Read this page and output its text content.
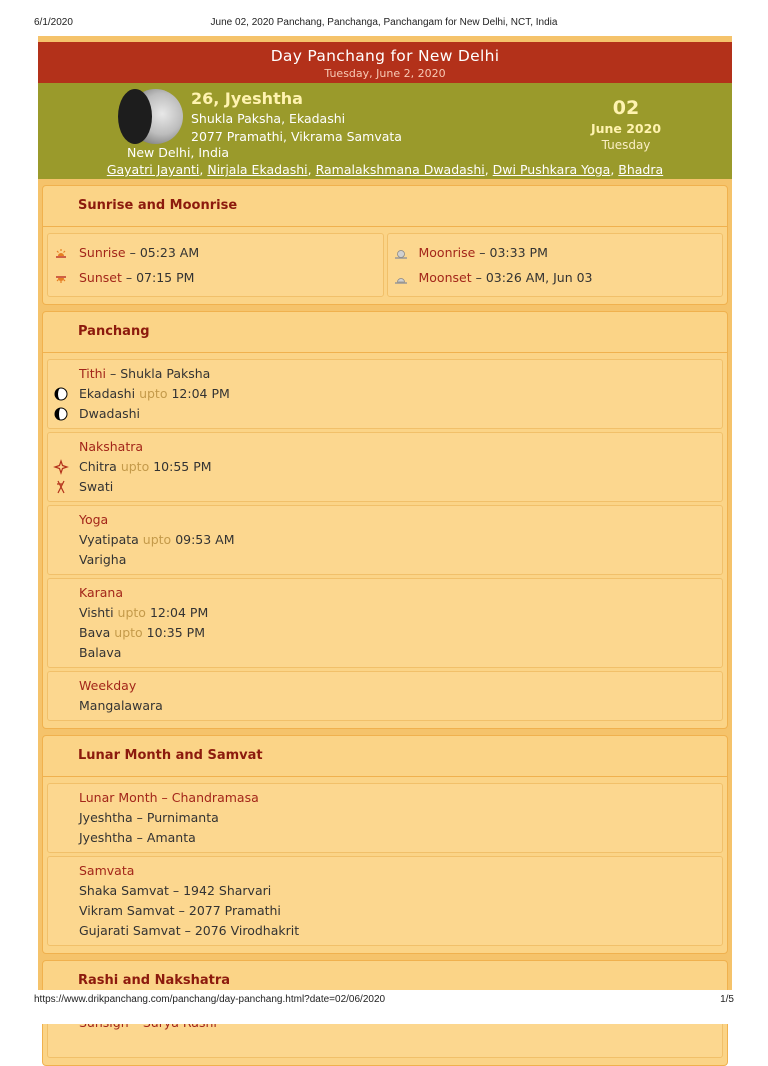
6/1/2020	June 02, 2020 Panchang, Panchanga, Panchangam for New Delhi, NCT, India
Day Panchang for New Delhi
Tuesday, June 2, 2020
26, Jyeshtha
Shukla Paksha, Ekadashi
2077 Pramathi, Vikrama Samvata
New Delhi, India
Gayatri Jayanti, Nirjala Ekadashi, Ramalakshmana Dwadashi, Dwi Pushkara Yoga, Bhadra
02
June 2020
Tuesday
Sunrise and Moonrise
Sunrise – 05:23 AM
Sunset – 07:15 PM
Moonrise – 03:33 PM
Moonset – 03:26 AM, Jun 03
Panchang
Tithi – Shukla Paksha
Ekadashi upto 12:04 PM
Dwadashi
Nakshatra
Chitra upto 10:55 PM
Swati
Yoga
Vyatipata upto 09:53 AM
Varigha
Karana
Vishti upto 12:04 PM
Bava upto 10:35 PM
Balava
Weekday
Mangalawara
Lunar Month and Samvat
Lunar Month – Chandramasa
Jyeshtha – Purnimanta
Jyeshtha – Amanta
Samvata
Shaka Samvat – 1942 Sharvari
Vikram Samvat – 2077 Pramathi
Gujarati Samvat – 2076 Virodhakrit
Rashi and Nakshatra
https://www.drikpanchang.com/panchang/day-panchang.html?date=02/06/2020	1/5
